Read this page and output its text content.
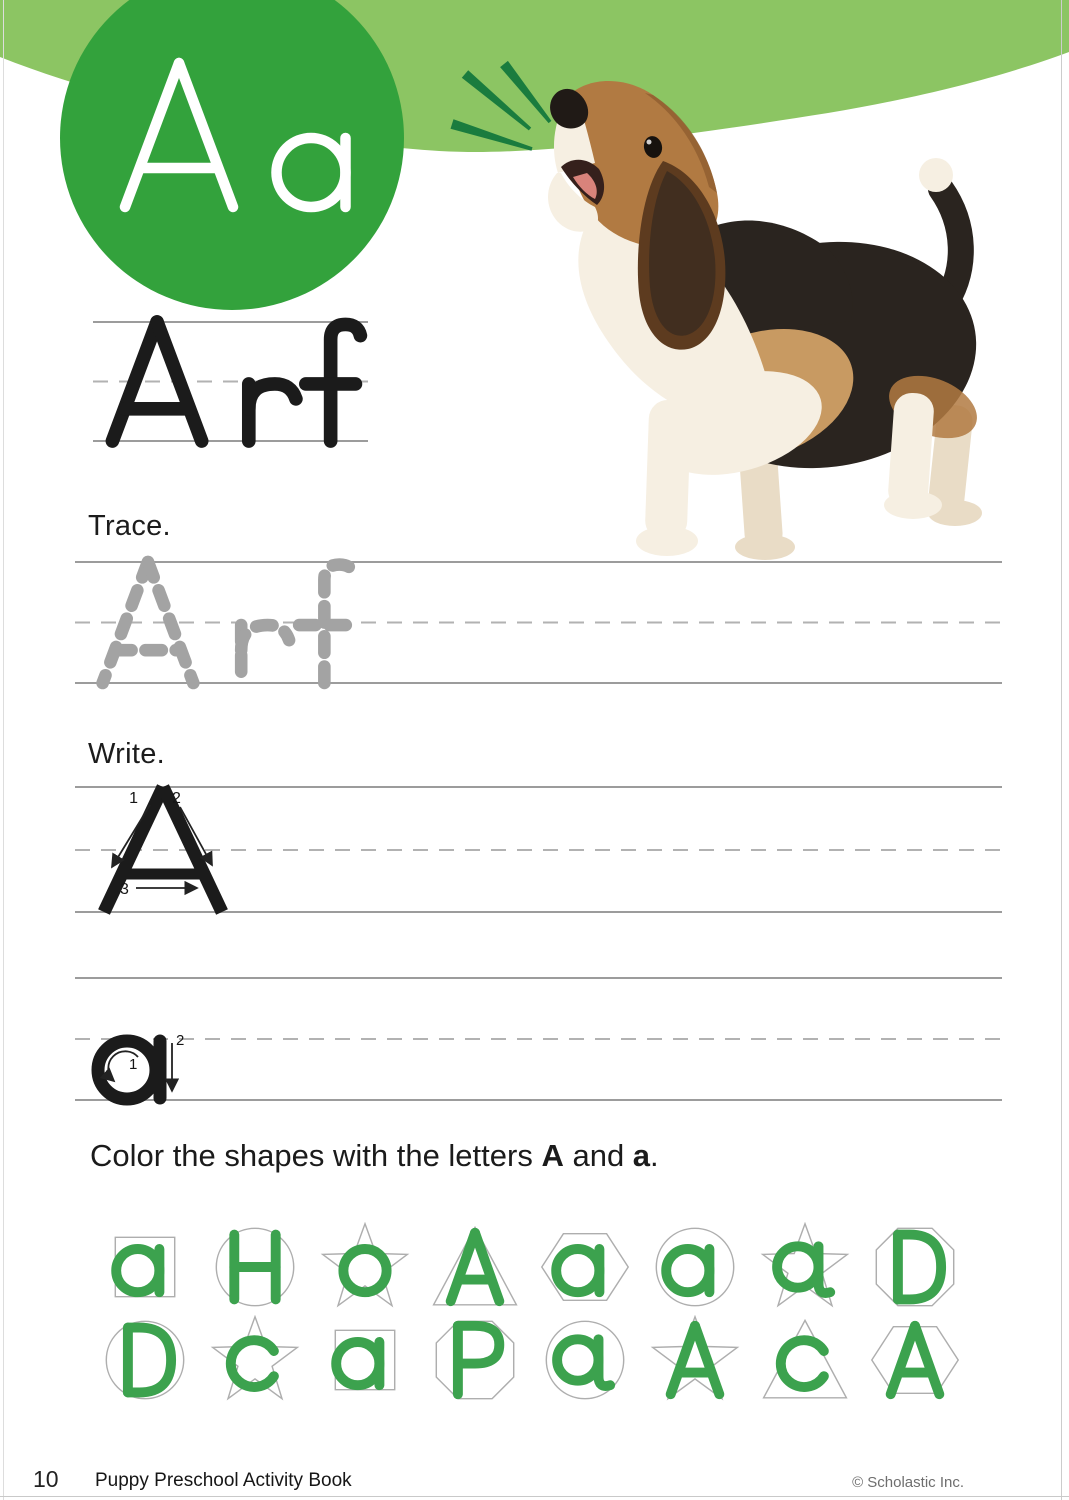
Trace.
Write.
1 2
3
1
2
Color the shapes with the letters A and a.
10 Puppy Preschool Activity Book	© Scholastic Inc.
